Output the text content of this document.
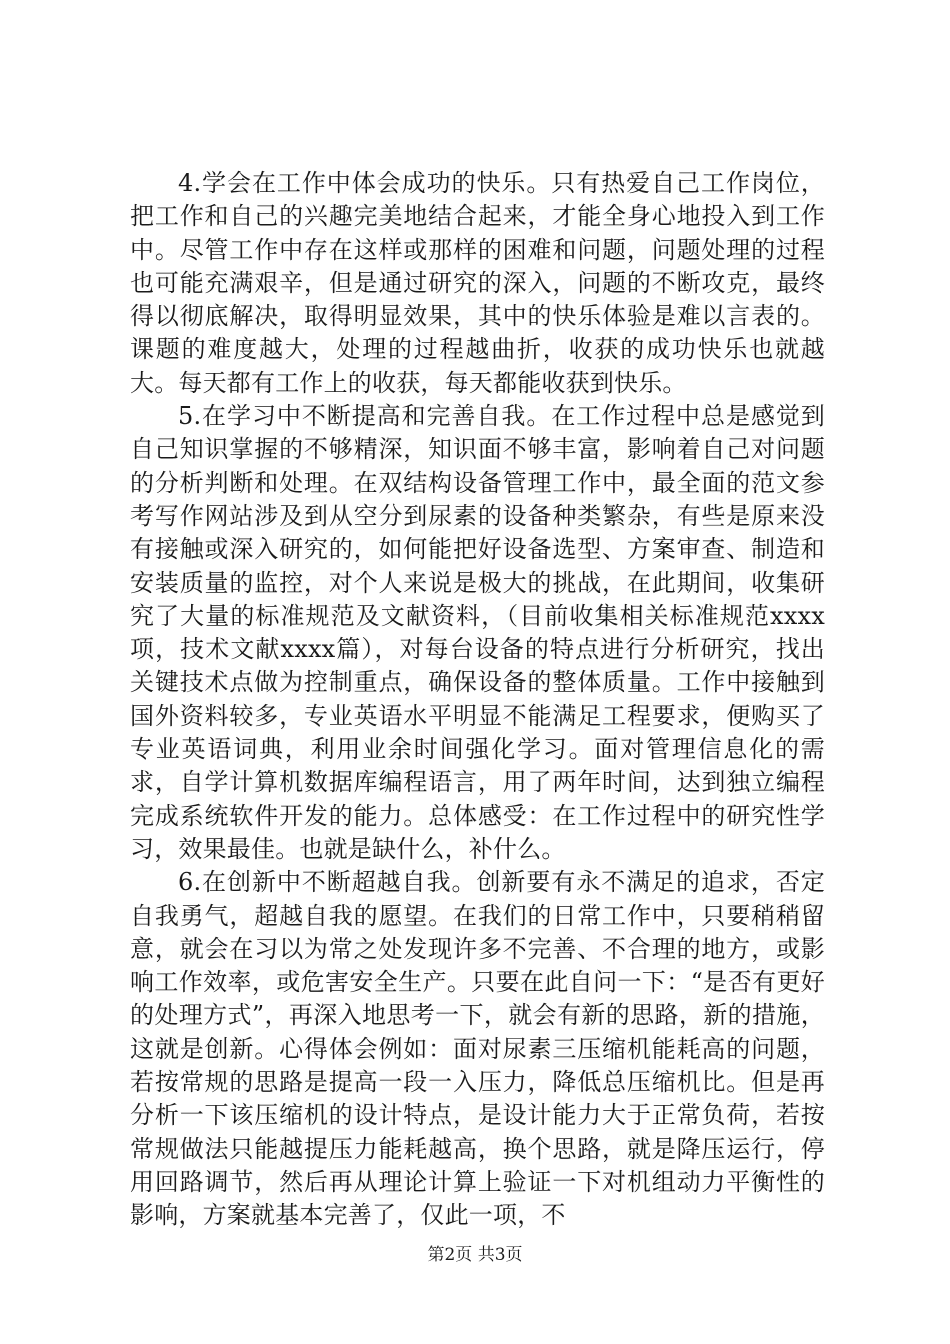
4.学会在工作中体会成功的快乐。只有热爱自己工作岗位，把工作和自己的兴趣完美地结合起来，才能全身心地投入到工作中。尽管工作中存在这样或那样的困难和问题，问题处理的过程也可能充满艰辛，但是通过研究的深入，问题的不断攻克，最终得以彻底解决，取得明显效果，其中的快乐体验是难以言表的。课题的难度越大，处理的过程越曲折，收获的成功快乐也就越大。每天都有工作上的收获，每天都能收获到快乐。

5.在学习中不断提高和完善自我。在工作过程中总是感觉到自己知识掌握的不够精深，知识面不够丰富，影响着自己对问题的分析判断和处理。在双结构设备管理工作中，最全面的范文参考写作网站涉及到从空分到尿素的设备种类繁杂，有些是原来没有接触或深入研究的，如何能把好设备选型、方案审查、制造和安装质量的监控，对个人来说是极大的挑战，在此期间，收集研究了大量的标准规范及文献资料，（目前收集相关标准规范xxxx项，技术文献xxxx篇），对每台设备的特点进行分析研究，找出关键技术点做为控制重点，确保设备的整体质量。工作中接触到国外资料较多，专业英语水平明显不能满足工程要求，便购买了专业英语词典，利用业余时间强化学习。面对管理信息化的需求，自学计算机数据库编程语言，用了两年时间，达到独立编程完成系统软件开发的能力。总体感受：在工作过程中的研究性学习，效果最佳。也就是缺什么，补什么。

6.在创新中不断超越自我。创新要有永不满足的追求，否定自我勇气，超越自我的愿望。在我们的日常工作中，只要稍稍留意，就会在习以为常之处发现许多不完善、不合理的地方，或影响工作效率，或危害安全生产。只要在此自问一下：“是否有更好的处理方式”，再深入地思考一下，就会有新的思路，新的措施，这就是创新。心得体会例如：面对尿素三压缩机能耗高的问题，若按常规的思路是提高一段一入压力，降低总压缩机比。但是再分析一下该压缩机的设计特点，是设计能力大于正常负荷，若按常规做法只能越提压力能耗越高，换个思路，就是降压运行，停用回路调节，然后再从理论计算上验证一下对机组动力平衡性的影响，方案就基本完善了，仅此一项，不

第2页 共3页
